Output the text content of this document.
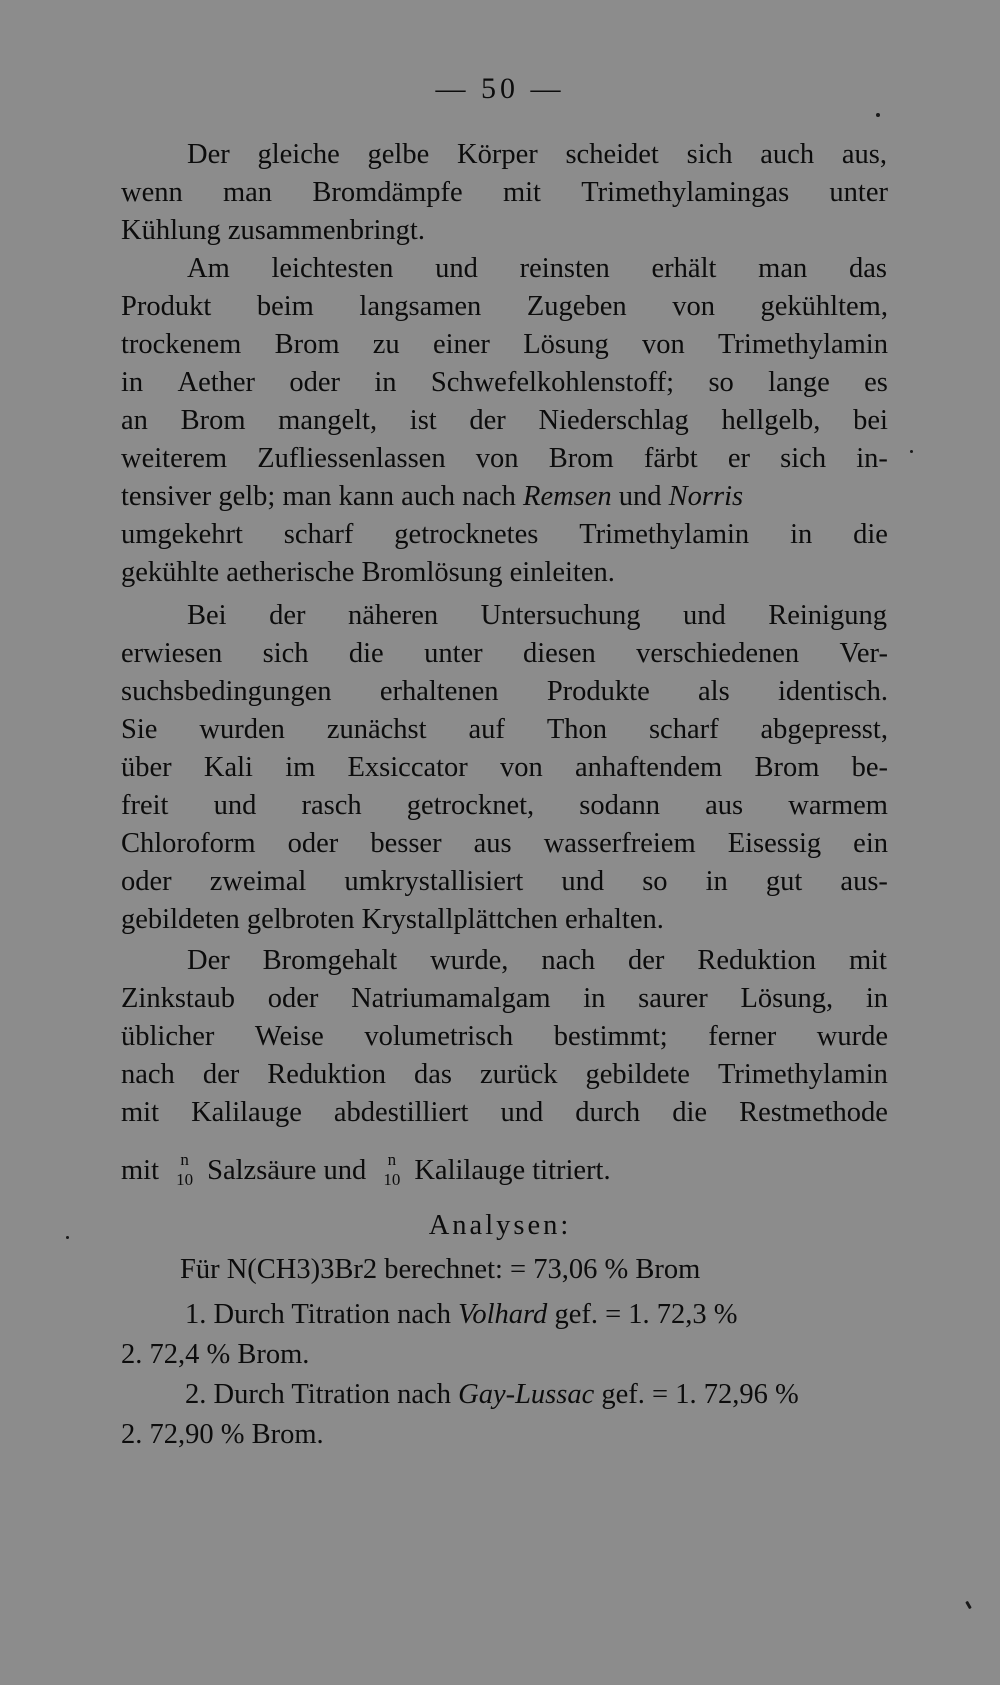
— 50 —
Der gleiche gelbe Körper scheidet sich auch aus,
wenn man Bromdämpfe mit Trimethylamingas unter
Kühlung zusammenbringt.
Am leichtesten und reinsten erhält man das
Produkt beim langsamen Zugeben von gekühltem,
trockenem Brom zu einer Lösung von Trimethylamin
in Aether oder in Schwefelkohlenstoff; so lange es
an Brom mangelt, ist der Niederschlag hellgelb, bei
weiterem Zufliessenlassen von Brom färbt er sich in-
tensiver gelb; man kann auch nach Remsen und Norris
umgekehrt scharf getrocknetes Trimethylamin in die
gekühlte aetherische Bromlösung einleiten.
Bei der näheren Untersuchung und Reinigung
erwiesen sich die unter diesen verschiedenen Ver-
suchsbedingungen erhaltenen Produkte als identisch.
Sie wurden zunächst auf Thon scharf abgepresst,
über Kali im Exsiccator von anhaftendem Brom be-
freit und rasch getrocknet, sodann aus warmem
Chloroform oder besser aus wasserfreiem Eisessig ein
oder zweimal umkrystallisiert und so in gut aus-
gebildeten gelbroten Krystallplättchen erhalten.
Der Bromgehalt wurde, nach der Reduktion mit
Zinkstaub oder Natriumamalgam in saurer Lösung, in
üblicher Weise volumetrisch bestimmt; ferner wurde
nach der Reduktion das zurück gebildete Trimethylamin
mit Kalilauge abdestilliert und durch die Restmethode
mit n
10 Salzsäure und n
10 Kalilauge titriert.
Analysen:
Für N(CH3)3Br2 berechnet: = 73,06 % Brom
1. Durch Titration nach Volhard gef. = 1. 72,3 %
2. 72,4 % Brom.
2. Durch Titration nach Gay-Lussac gef. = 1. 72,96 %
2. 72,90 % Brom.
